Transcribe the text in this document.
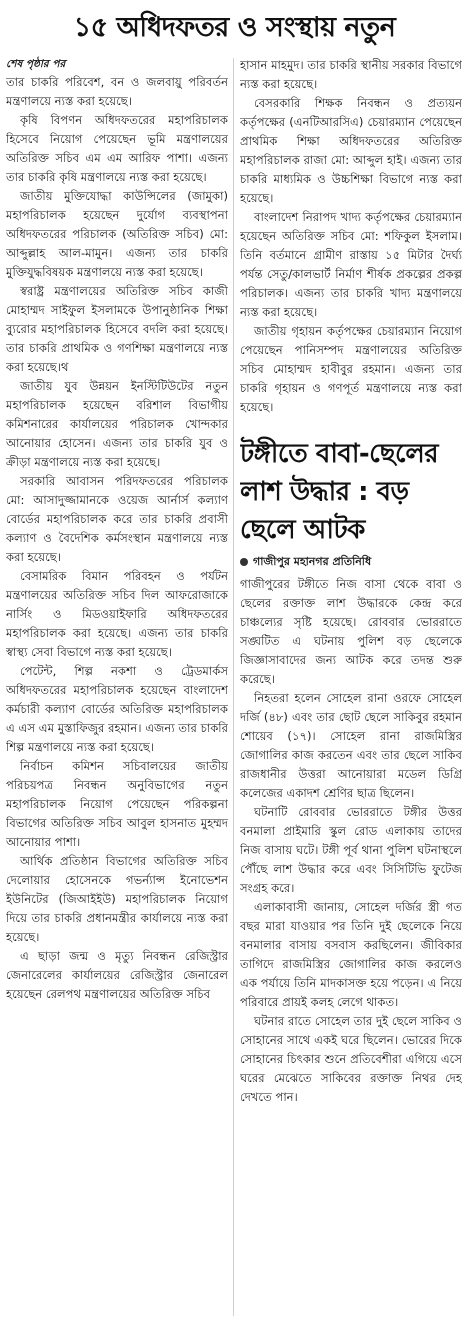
১৫ অধিদফতর ও সংস্থায় নতুন

শেষ পৃষ্ঠার পর

তার চাকরি পরিবেশ, বন ও জলবায়ু পরিবর্তন মন্ত্রণালয়ে ন্যস্ত করা হয়েছে।

কৃষি বিপণন অধিদফতরের মহাপরিচালক হিসেবে নিয়োগ পেয়েছেন ভূমি মন্ত্রণালয়ের অতিরিক্ত সচিব এম এম আরিফ পাশা। এজন্য তার চাকরি কৃষি মন্ত্রণালয়ে ন্যস্ত করা হয়েছে।

জাতীয় মুক্তিযোদ্ধা কাউন্সিলের (জামুকা) মহাপরিচালক হয়েছেন দুর্যোগ ব্যবস্থাপনা অধিদফতরের পরিচালক (অতিরিক্ত সচিব) মো: আব্দুল্লাহ আল-মামুন। এজন্য তার চাকরি মুক্তিযুদ্ধবিষয়ক মন্ত্রণালয়ে ন্যস্ত করা হয়েছে।

স্বরাষ্ট্র মন্ত্রণালয়ের অতিরিক্ত সচিব কাজী মোহাম্মদ সাইফুল ইসলামকে উপানুষ্ঠানিক শিক্ষা ব্যুরোর মহাপরিচালক হিসেবে বদলি করা হয়েছে। তার চাকরি প্রাথমিক ও গণশিক্ষা মন্ত্রণালয়ে ন্যস্ত করা হয়েছে।থ

জাতীয় যুব উন্নয়ন ইনস্টিটিউটের নতুন মহাপরিচালক হয়েছেন বরিশাল বিভাগীয় কমিশনারের কার্যালয়ের পরিচালক খোন্দকার আনোয়ার হোসেন। এজন্য তার চাকরি যুব ও ক্রীড়া মন্ত্রণালয়ে ন্যস্ত করা হয়েছে।

সরকারি আবাসন পরিদফতরের পরিচালক মো: আসাদুজ্জামানকে ওয়েজ আর্নার্স কল্যাণ বোর্ডের মহাপরিচালক করে তার চাকরি প্রবাসী কল্যাণ ও বৈদেশিক কর্মসংস্থান মন্ত্রণালয়ে ন্যস্ত করা হয়েছে।

বেসামরিক বিমান পরিবহন ও পর্যটন মন্ত্রণালয়ের অতিরিক্ত সচিব দিল আফরোজাকে নার্সিং ও মিডওয়াইফারি অধিদফতরের মহাপরিচালক করা হয়েছে। এজন্য তার চাকরি স্বাস্থ্য সেবা বিভাগে ন্যস্ত করা হয়েছে।

পেটেন্ট, শিল্প নকশা ও ট্রেডমার্কস অধিদফতরের মহাপরিচালক হয়েছেন বাংলাদেশ কর্মচারী কল্যাণ বোর্ডের অতিরিক্ত মহাপরিচালক এ এস এম মুস্তাফিজুর রহমান। এজন্য তার চাকরি শিল্প মন্ত্রণালয়ে ন্যস্ত করা হয়েছে।

নির্বাচন কমিশন সচিবালয়ের জাতীয় পরিচয়পত্র নিবন্ধন অনুবিভাগের নতুন মহাপরিচালক নিয়োগ পেয়েছেন পরিকল্পনা বিভাগের অতিরিক্ত সচিব আবুল হাসনাত মুহম্মদ আনোয়ার পাশা।

আর্থিক প্রতিষ্ঠান বিভাগের অতিরিক্ত সচিব দেলোয়ার হোসেনকে গভর্ন্যান্স ইনোভেশন ইউনিটের (জিআইইউ) মহাপরিচালক নিয়োগ দিয়ে তার চাকরি প্রধানমন্ত্রীর কার্যালয়ে ন্যস্ত করা হয়েছে।

এ ছাড়া জন্ম ও মৃত্যু নিবন্ধন রেজিস্ট্রার জেনারেলের কার্যালয়ের রেজিস্ট্রার জেনারেল হয়েছেন রেলপথ মন্ত্রণালয়ের অতিরিক্ত সচিব

হাসান মাহমুদ। তার চাকরি স্থানীয় সরকার বিভাগে ন্যস্ত করা হয়েছে।

বেসরকারি শিক্ষক নিবন্ধন ও প্রত্যয়ন কর্তৃপক্ষের (এনটিআরসিএ) চেয়ারম্যান পেয়েছেন প্রাথমিক শিক্ষা অধিদফতরের অতিরিক্ত মহাপরিচালক রাজা মো: আব্দুল হাই। এজন্য তার চাকরি মাধ্যমিক ও উচ্চশিক্ষা বিভাগে ন্যস্ত করা হয়েছে।

বাংলাদেশ নিরাপদ খাদ্য কর্তৃপক্ষের চেয়ারম্যান হয়েছেন অতিরিক্ত সচিব মো: শফিকুল ইসলাম। তিনি বর্তমানে গ্রামীণ রাস্তায় ১৫ মিটার দৈর্ঘ্য পর্যন্ত সেতু/কালভার্ট নির্মাণ শীর্ষক প্রকল্পের প্রকল্প পরিচালক। এজন্য তার চাকরি খাদ্য মন্ত্রণালয়ে ন্যস্ত করা হয়েছে।

জাতীয় গৃহায়ন কর্তৃপক্ষের চেয়ারম্যান নিয়োগ পেয়েছেন পানিসম্পদ মন্ত্রণালয়ের অতিরিক্ত সচিব মোহাম্মদ হাবীবুর রহমান। এজন্য তার চাকরি গৃহায়ন ও গণপূর্ত মন্ত্রণালয়ে ন্যস্ত করা হয়েছে।

টঙ্গীতে বাবা-ছেলের লাশ উদ্ধার : বড় ছেলে আটক
গাজীপুর মহানগর প্রতিনিধি

গাজীপুরের টঙ্গীতে নিজ বাসা থেকে বাবা ও ছেলের রক্তাক্ত লাশ উদ্ধারকে কেন্দ্র করে চাঞ্চল্যের সৃষ্টি হয়েছে। রোববার ভোররাতে সঙ্ঘটিত এ ঘটনায় পুলিশ বড় ছেলেকে জিজ্ঞাসাবাদের জন্য আটক করে তদন্ত শুরু করেছে।

নিহতরা হলেন সোহেল রানা ওরফে সোহেল দর্জি (৪৮) এবং তার ছোট ছেলে সাকিবুর রহমান শোয়েব (১৭)। সোহেল রানা রাজমিস্ত্রির জোগালির কাজ করতেন এবং তার ছেলে সাকিব রাজধানীর উত্তরা আনোয়ারা মডেল ডিগ্রি কলেজের একাদশ শ্রেণির ছাত্র ছিলেন।

ঘটনাটি রোববার ভোররাতে টঙ্গীর উত্তর বনমালা প্রাইমারি স্কুল রোড এলাকায় তাদের নিজ বাসায় ঘটে। টঙ্গী পূর্ব থানা পুলিশ ঘটনাস্থলে পৌঁছে লাশ উদ্ধার করে এবং সিসিটিভি ফুটেজ সংগ্রহ করে।

এলাকাবাসী জানায়, সোহেল দর্জির স্ত্রী গত বছর মারা যাওয়ার পর তিনি দুই ছেলেকে নিয়ে বনমালার বাসায় বসবাস করছিলেন। জীবিকার তাগিদে রাজমিস্ত্রির জোগালির কাজ করলেও এক পর্যায়ে তিনি মাদকাসক্ত হয়ে পড়েন। এ নিয়ে পরিবারে প্রায়ই কলহ লেগে থাকত।

ঘটনার রাতে সোহেল তার দুই ছেলে সাকিব ও সোহানের সাথে একই ঘরে ছিলেন। ভোরের দিকে সোহানের চিৎকার শুনে প্রতিবেশীরা এগিয়ে এসে ঘরের মেঝেতে সাকিবের রক্তাক্ত নিথর দেহ দেখতে পান।
